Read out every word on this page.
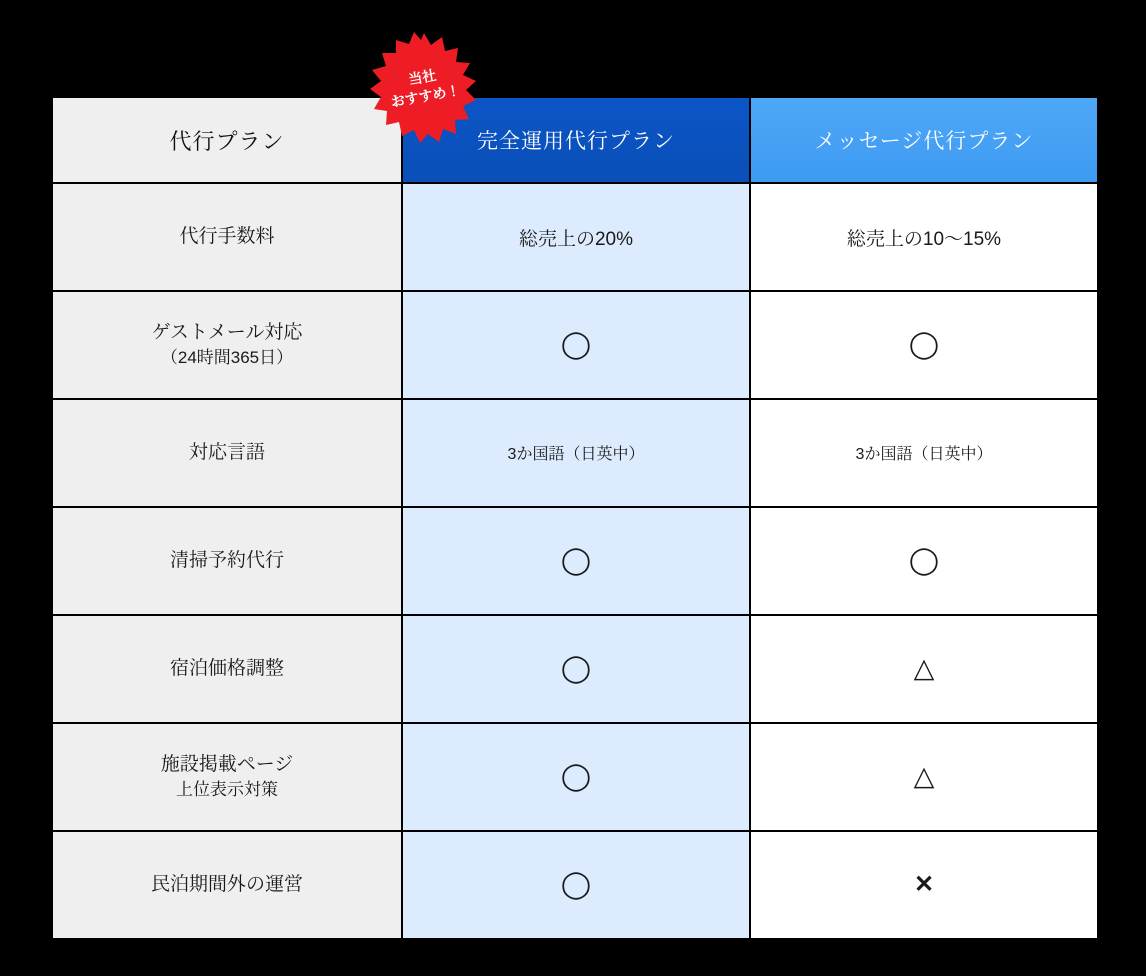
代行プラン	完全運用代行プラン	メッセージ代行プラン
代行手数料	総売上の20%	総売上の10〜15%
ゲストメール対応
（24時間365日）	◯	◯
対応言語	3か国語（日英中）	3か国語（日英中）
清掃予約代行	◯	◯
宿泊価格調整	◯	△
施設掲載ページ
上位表示対策	◯	△
民泊期間外の運営	◯	✕
当社
おすすめ！
